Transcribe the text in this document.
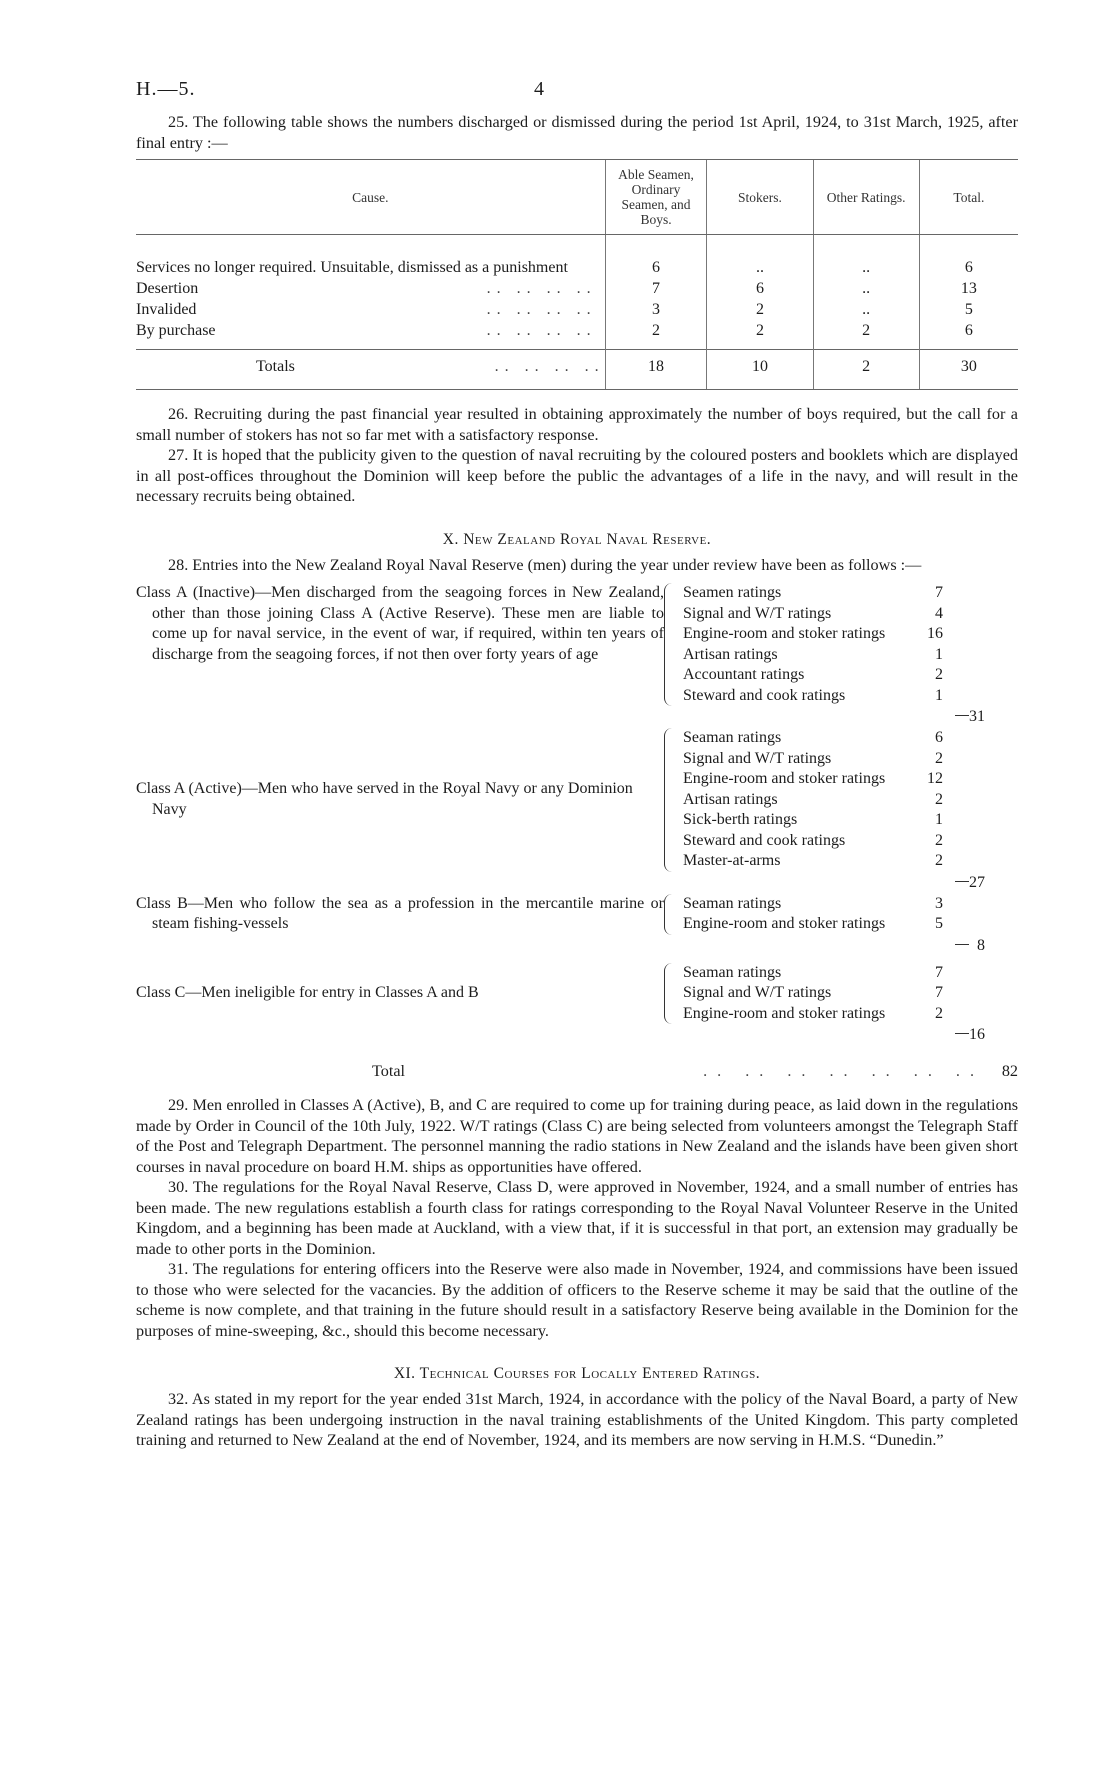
H.—5.	4

25. The following table shows the numbers discharged or dismissed during the period 1st April, 1924, to 31st March, 1925, after final entry :—

Cause.	Able Seamen, Ordinary Seamen, and Boys.	Stokers.	Other Ratings.	Total.
Services no longer required. Unsuitable, dismissed as a punishment	6	..	..	6
Desertion .. .. .. ..	7	6	..	13
Invalided .. .. .. ..	3	2	..	5
By purchase .. .. .. ..	2	2	2	6
Totals .. .. .. ..	18	10	2	30

26. Recruiting during the past financial year resulted in obtaining approximately the number of boys required, but the call for a small number of stokers has not so far met with a satisfactory response.

27. It is hoped that the publicity given to the question of naval recruiting by the coloured posters and booklets which are displayed in all post-offices throughout the Dominion will keep before the public the advantages of a life in the navy, and will result in the necessary recruits being obtained.

X. New Zealand Royal Naval Reserve.

28. Entries into the New Zealand Royal Naval Reserve (men) during the year under review have been as follows :—

Class A (Inactive)—Men discharged from the seagoing forces in New Zealand, other than those joining Class A (Active Reserve). These men are liable to come up for naval service, in the event of war, if required, within ten years of discharge from the seagoing forces, if not then over forty years of age
Seamen ratings	7
Signal and W/T ratings	4
Engine-room and stoker ratings	16
Artisan ratings	1
Accountant ratings	2
Steward and cook ratings	1
31
Class A (Active)—Men who have served in the Royal Navy or any Dominion Navy
Seaman ratings	6
Signal and W/T ratings	2
Engine-room and stoker ratings	12
Artisan ratings	2
Sick-berth ratings	1
Steward and cook ratings	2
Master-at-arms	2
27
Class B—Men who follow the sea as a profession in the mercantile marine or steam fishing-vessels
Seaman ratings	3
Engine-room and stoker ratings	5
8
Class C—Men ineligible for entry in Classes A and B
Seaman ratings	7
Signal and W/T ratings	7
Engine-room and stoker ratings	2
16
Total	.. .. .. .. .. .. ..	82

29. Men enrolled in Classes A (Active), B, and C are required to come up for training during peace, as laid down in the regulations made by Order in Council of the 10th July, 1922. W/T ratings (Class C) are being selected from volunteers amongst the Telegraph Staff of the Post and Telegraph Department. The personnel manning the radio stations in New Zealand and the islands have been given short courses in naval procedure on board H.M. ships as opportunities have offered.

30. The regulations for the Royal Naval Reserve, Class D, were approved in November, 1924, and a small number of entries has been made. The new regulations establish a fourth class for ratings corresponding to the Royal Naval Volunteer Reserve in the United Kingdom, and a beginning has been made at Auckland, with a view that, if it is successful in that port, an extension may gradually be made to other ports in the Dominion.

31. The regulations for entering officers into the Reserve were also made in November, 1924, and commissions have been issued to those who were selected for the vacancies. By the addition of officers to the Reserve scheme it may be said that the outline of the scheme is now complete, and that training in the future should result in a satisfactory Reserve being available in the Dominion for the purposes of mine-sweeping, &c., should this become necessary.

XI. Technical Courses for Locally Entered Ratings.

32. As stated in my report for the year ended 31st March, 1924, in accordance with the policy of the Naval Board, a party of New Zealand ratings has been undergoing instruction in the naval training establishments of the United Kingdom. This party completed training and returned to New Zealand at the end of November, 1924, and its members are now serving in H.M.S. “Dunedin.”
